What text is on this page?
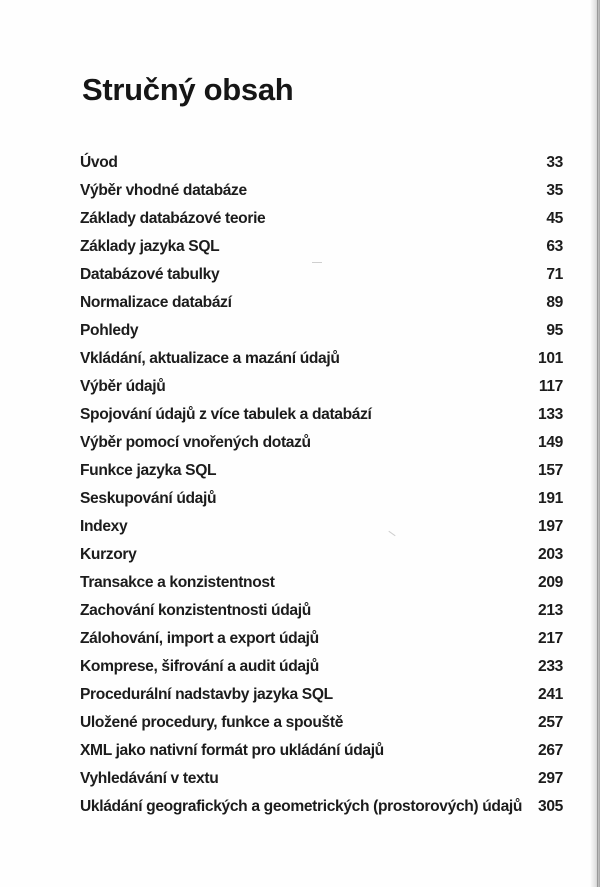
Stručný obsah
Úvod	33
Výběr vhodné databáze	35
Základy databázové teorie	45
Základy jazyka SQL	63
Databázové tabulky	71
Normalizace databází	89
Pohledy	95
Vkládání, aktualizace a mazání údajů	101
Výběr údajů	117
Spojování údajů z více tabulek a databází	133
Výběr pomocí vnořených dotazů	149
Funkce jazyka SQL	157
Seskupování údajů	191
Indexy	197
Kurzory	203
Transakce a konzistentnost	209
Zachování konzistentnosti údajů	213
Zálohování, import a export údajů	217
Komprese, šifrování a audit údajů	233
Procedurální nadstavby jazyka SQL	241
Uložené procedury, funkce a spouště	257
XML jako nativní formát pro ukládání údajů	267
Vyhledávání v textu	297
Ukládání geografických a geometrických (prostorových) údajů 305
